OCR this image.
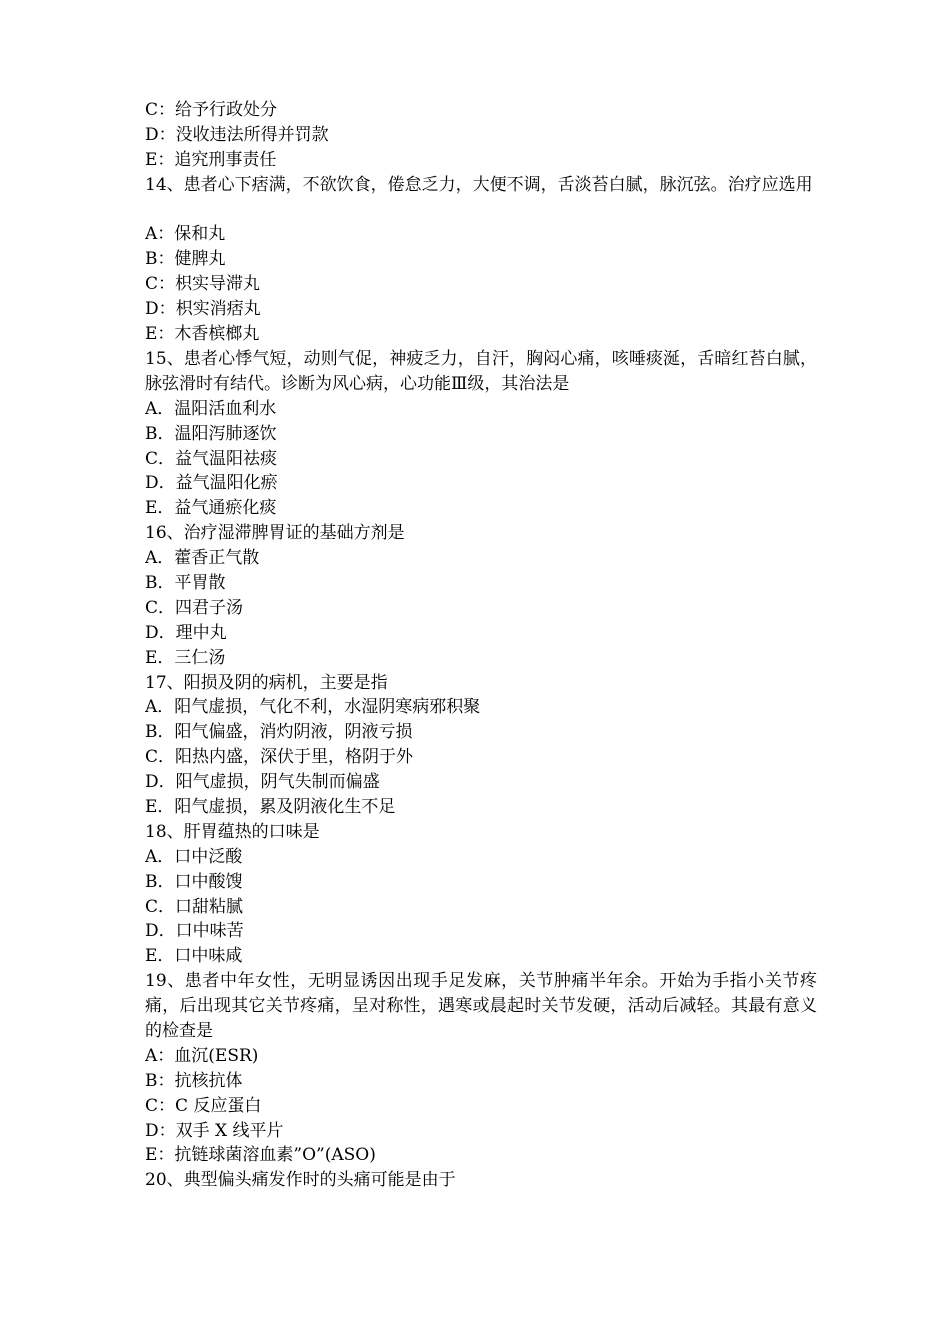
C：给予行政处分
D：没收违法所得并罚款
E：追究刑事责任
14、患者心下痞满，不欲饮食，倦怠乏力，大便不调，舌淡苔白腻，脉沉弦。治疗应选用
A：保和丸
B：健脾丸
C：枳实导滞丸
D：枳实消痞丸
E：木香槟榔丸
15、患者心悸气短，动则气促，神疲乏力，自汗，胸闷心痛，咳唾痰涎，舌暗红苔白腻，脉弦滑时有结代。诊断为风心病，心功能Ⅲ级，其治法是
A．温阳活血利水
B．温阳泻肺逐饮
C．益气温阳祛痰
D．益气温阳化瘀
E．益气通瘀化痰
16、治疗湿滞脾胃证的基础方剂是
A．藿香正气散
B．平胃散
C．四君子汤
D．理中丸
E．三仁汤
17、阳损及阴的病机，主要是指
A．阳气虚损，气化不利，水湿阴寒病邪积聚
B．阳气偏盛，消灼阴液，阴液亏损
C．阳热内盛，深伏于里，格阴于外
D．阳气虚损，阴气失制而偏盛
E．阳气虚损，累及阴液化生不足
18、肝胃蕴热的口味是
A．口中泛酸
B．口中酸馊
C．口甜粘腻
D．口中味苦
E．口中味咸
19、患者中年女性，无明显诱因出现手足发麻，关节肿痛半年余。开始为手指小关节疼痛，后出现其它关节疼痛，呈对称性，遇寒或晨起时关节发硬，活动后减轻。其最有意义的检查是
A：血沉(ESR)
B：抗核抗体
C：C 反应蛋白
D：双手 X 线平片
E：抗链球菌溶血素”O”(ASO)
20、典型偏头痛发作时的头痛可能是由于
